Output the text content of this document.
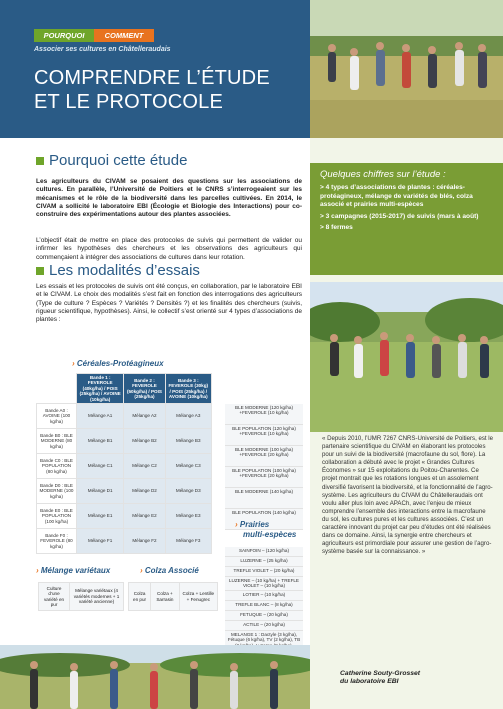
POURQUOI	COMMENT
Associer ses cultures en Châtelleraudais
COMPRENDRE L’ÉTUDE
ET LE PROTOCOLE
Quelques chiffres sur l’étude :
> 4 types d’associations de plantes : céréales-protéagineux, mélange de variétés de blés, colza associé et prairies multi-espèces
> 3 campagnes (2015-2017) de suivis (mars à août)
> 8 fermes
Pourquoi cette étude
Les agriculteurs du CIVAM se posaient des questions sur les associations de cultures. En parallèle, l’Université de Poitiers et le CNRS s’interrogeaient sur les mécanismes et le rôle de la biodiversité dans les parcelles cultivées. En 2014, le CIVAM a sollicité le laboratoire EBI (Écologie et Biologie des Interactions) pour co-construire des expérimentations autour des plantes associées.
L’objectif était de mettre en place des protocoles de suivis qui permettent de valider ou infirmer les hypothèses des chercheurs et les observations des agriculteurs qui commençaient à intégrer des associations de cultures dans leur rotation.
Les modalités d’essais
Les essais et les protocoles de suivis ont été conçus, en collaboration, par le laboratoire EBI et le CIVAM. Le choix des modalités s’est fait en fonction des interrogations des agriculteurs (Type de culture ? Espèces ? Variétés ? Densités ?) et les finalités des chercheurs (suivis, rigueur scientifique, hypothèses). Ainsi, le collectif s’est orienté sur 4 types d’associations de plantes :
› Céréales-Protéagineux
	Bande 1 : FEVEROLE (40kg/ha) / POIS (25kg/ha) / AVOINE (10kg/ha)	Bande 2 : FEVEROLE (50kg/ha) / POIS (25kg/ha)	Bande 3 : FEVEROLE (30kg) / POIS (25kg/ha) / AVOINE (10kg/ha)
Bande A0 : AVOINE (100 kg/ha)	Mélange A1	Mélange A2	Mélange A3
Bande B0 : BLE MODERNE (80 kg/ha)	Mélange B1	Mélange B2	Mélange B3
Bande C0 : BLE POPULATION (80 kg/ha)	Mélange C1	Mélange C2	Mélange C3
Bande D0 : BLE MODERNE (100 kg/ha)	Mélange D1	Mélange D2	Mélange D3
Bande E0 : BLE POPULATION (100 kg/ha)	Mélange E1	Mélange E2	Mélange E3
Bande F0 : FEVEROLE (80 kg/ha)	Mélange F1	Mélange F2	Mélange F3
BLE MODERNE (120 kg/ha) +FEVEROLE (10 kg/ha)
BLE POPULATION (120 kg/ha) +FEVEROLE (10 kg/ha)
BLE MODERNE (100 kg/ha) +FEVEROLE (20 kg/ha)
BLE POPULATION (100 kg/ha) +FEVEROLE (20 kg/ha)
BLE MODERNE (140 kg/ha)
BLE POPULATION (140 kg/ha)
› Prairies
multi-espèces
SAINFOIN – (120 kg/ha)
LUZERNE – (25 kg/ha)
TREFLE VIOLET – (20 kg/ha)
LUZERNE – (10 kg/ha) + TREFLE VIOLET – (10 kg/ha)
LOTIER – (10 kg/ha)
TREFLE BLANC – (8 kg/ha)
FETUQUE – (20 kg/ha)
ACTILE – (20 kg/ha)
MELANGE 1 : Dactyle (3 kg/ha), Fétuque (6 kg/ha), TV (2 kg/ha), TB
› Mélange variétaux
Culture d’une variété en pur	Mélange variétaux (4 variétés modernes + 1 variété ancienne)
› Colza Associé
Colza en pur	Colza + Sarrasin	Colza + Lentille + Fenugrec
« Depuis 2010, l’UMR 7267 CNRS-Université de Poitiers, est le partenaire scientifique du CIVAM en élaborant les protocoles pour un suivi de la biodiversité (macrofaune du sol, flore). La collaboration a débuté avec le projet « Grandes Cultures Économes » sur 15 exploitations du Poitou-Charentes. Ce projet montrait que les rotations longues et un assolement diversifié favorisent la biodiversité, et la fonctionnalité de l’agro-système. Les agriculteurs du CIVAM du Châtelleraudais ont voulu aller plus loin avec APACh, avec l’enjeu de mieux comprendre l’ensemble des interactions entre la macrofaune du sol, les cultures pures et les cultures associées. C’est un caractère innovant du projet car peu d’études ont été réalisées dans ce domaine. Ainsi, la synergie entre chercheurs et agriculteurs est primordiale pour assurer une gestion de l’agro-système basée sur la connaissance. »
Catherine Souty-Grosset
du laboratoire EBI
